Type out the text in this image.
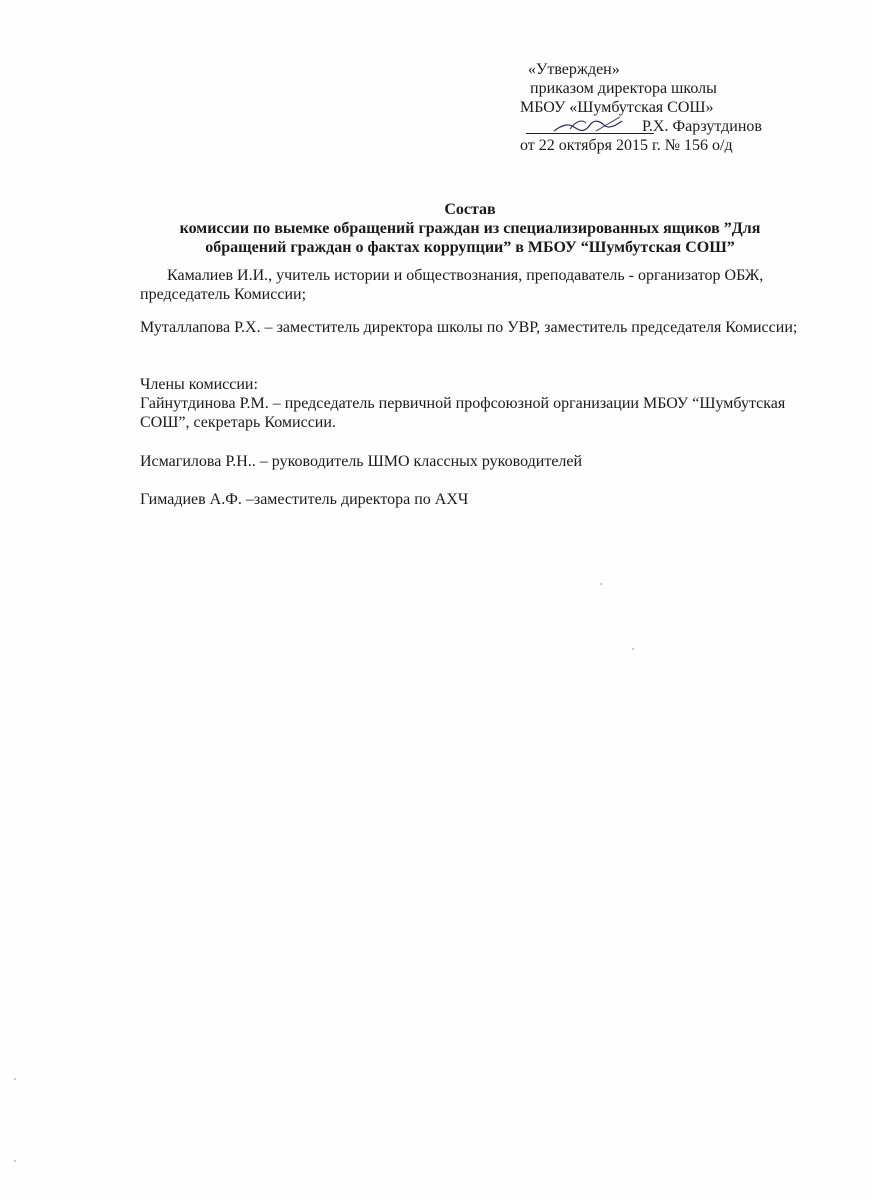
«Утвержден»
приказом директора школы
МБОУ «Шумбутская СОШ»
Р.Х. Фарзутдинов
от 22 октября 2015 г. № 156 о/д
Состав
комиссии по выемке обращений граждан из специализированных ящиков ”Для
обращений граждан о фактах коррупции” в МБОУ “Шумбутская СОШ”
Камалиев И.И., учитель истории и обществознания, преподаватель - организатор ОБЖ, председатель Комиссии;
Муталлапова Р.Х. – заместитель директора школы по УВР, заместитель председателя Комиссии;
Члены комиссии:
Гайнутдинова Р.М. – председатель первичной профсоюзной организации МБОУ “Шумбутская СОШ”, секретарь Комиссии.
Исмагилова Р.Н.. – руководитель ШМО классных руководителей
Гимадиев А.Ф. –заместитель директора по АХЧ
